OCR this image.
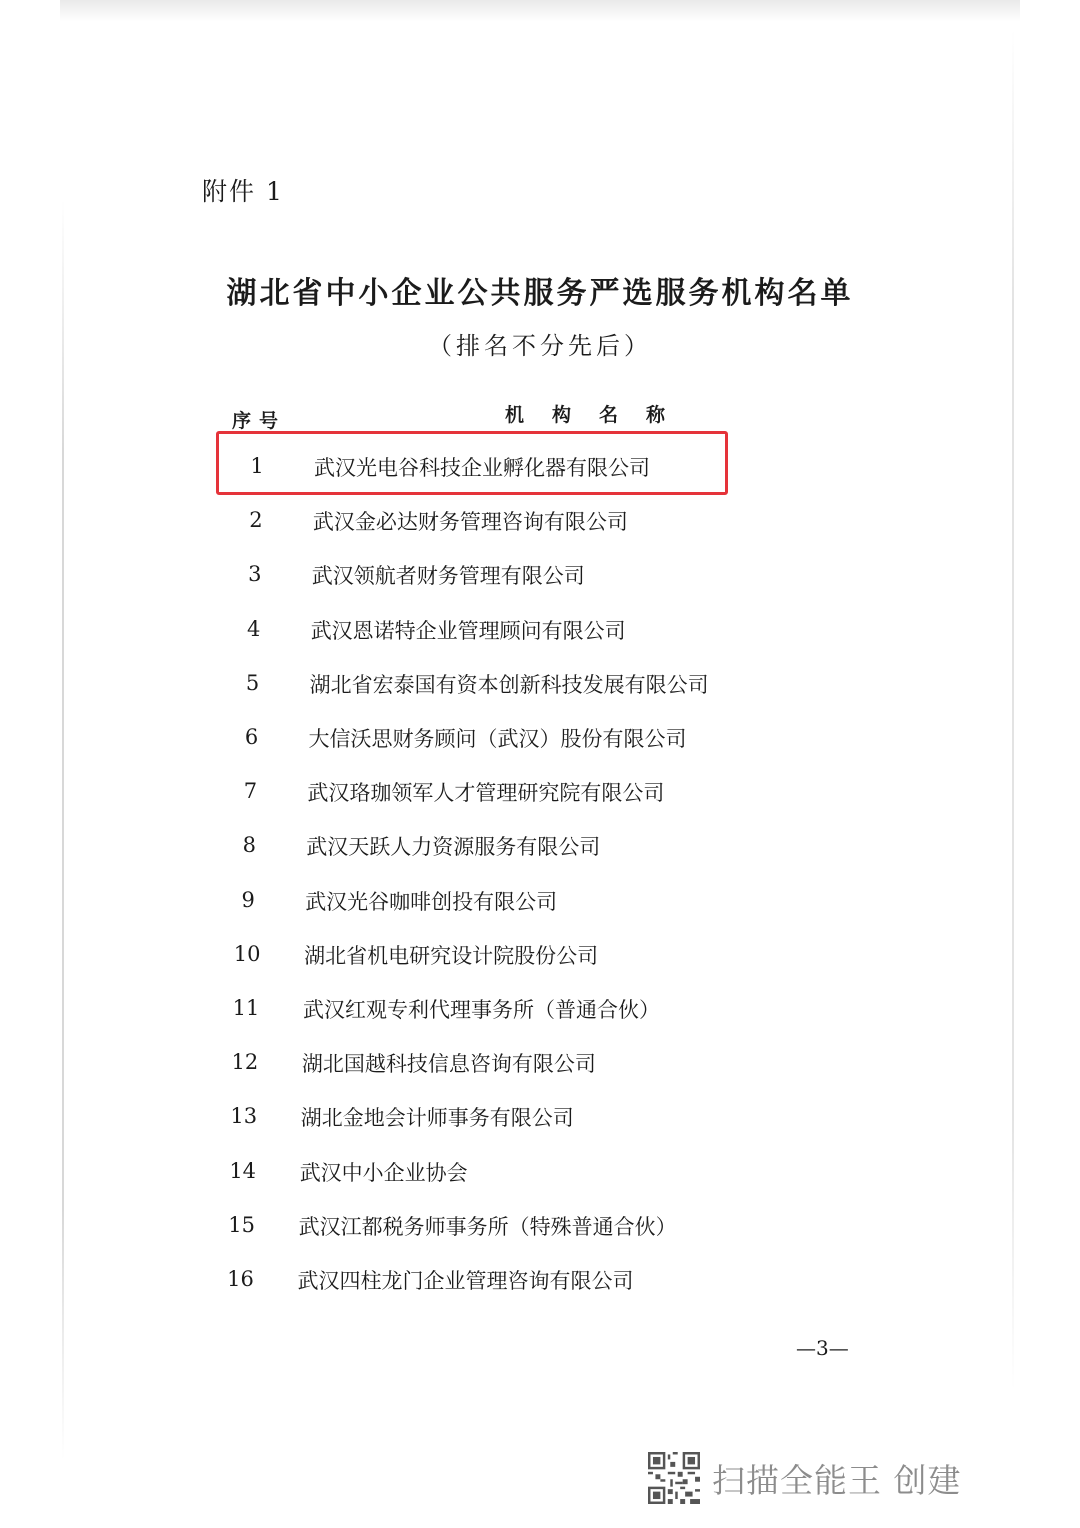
附件 1
湖北省中小企业公共服务严选服务机构名单
（排名不分先后）
序号	机构名称
1	武汉光电谷科技企业孵化器有限公司
2	武汉金必达财务管理咨询有限公司
3	武汉领航者财务管理有限公司
4	武汉恩诺特企业管理顾问有限公司
5	湖北省宏泰国有资本创新科技发展有限公司
6	大信沃思财务顾问（武汉）股份有限公司
7	武汉珞珈领军人才管理研究院有限公司
8	武汉天跃人力资源服务有限公司
9	武汉光谷咖啡创投有限公司
10	湖北省机电研究设计院股份公司
11	武汉红观专利代理事务所（普通合伙）
12	湖北国越科技信息咨询有限公司
13	湖北金地会计师事务有限公司
14	武汉中小企业协会
15	武汉江都税务师事务所（特殊普通合伙）
16	武汉四柱龙门企业管理咨询有限公司
—3—
扫描全能王 创建
